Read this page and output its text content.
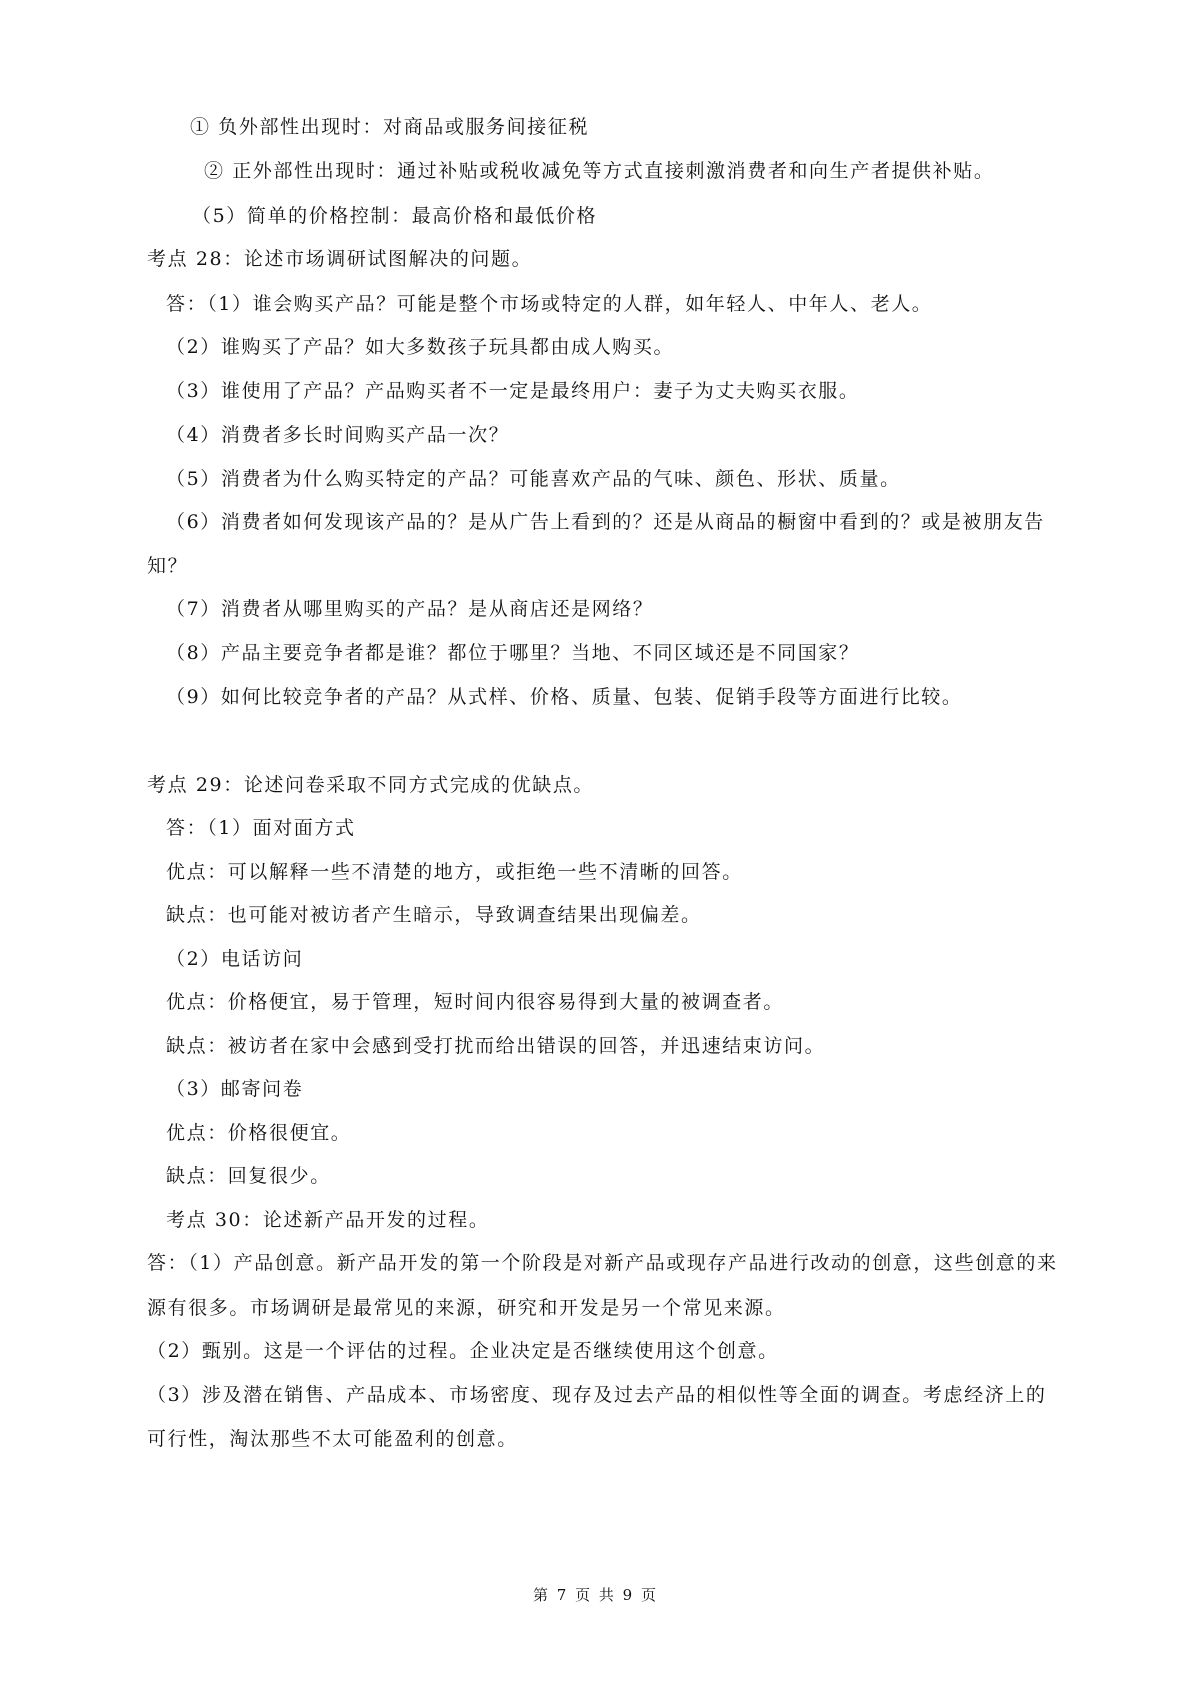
① 负外部性出现时：对商品或服务间接征税
② 正外部性出现时：通过补贴或税收减免等方式直接刺激消费者和向生产者提供补贴。
（5）简单的价格控制：最高价格和最低价格
考点 28：论述市场调研试图解决的问题。
答：（1）谁会购买产品？可能是整个市场或特定的人群，如年轻人、中年人、老人。
（2）谁购买了产品？如大多数孩子玩具都由成人购买。
（3）谁使用了产品？产品购买者不一定是最终用户：妻子为丈夫购买衣服。
（4）消费者多长时间购买产品一次？
（5）消费者为什么购买特定的产品？可能喜欢产品的气味、颜色、形状、质量。
（6）消费者如何发现该产品的？是从广告上看到的？还是从商品的橱窗中看到的？或是被朋友告
知？
（7）消费者从哪里购买的产品？是从商店还是网络？
（8）产品主要竞争者都是谁？都位于哪里？当地、不同区域还是不同国家？
（9）如何比较竞争者的产品？从式样、价格、质量、包装、促销手段等方面进行比较。
考点 29：论述问卷采取不同方式完成的优缺点。
答：（1）面对面方式
优点：可以解释一些不清楚的地方，或拒绝一些不清晰的回答。
缺点：也可能对被访者产生暗示，导致调查结果出现偏差。
（2）电话访问
优点：价格便宜，易于管理，短时间内很容易得到大量的被调查者。
缺点：被访者在家中会感到受打扰而给出错误的回答，并迅速结束访问。
（3）邮寄问卷
优点：价格很便宜。
缺点：回复很少。
考点 30：论述新产品开发的过程。
答：（1）产品创意。新产品开发的第一个阶段是对新产品或现存产品进行改动的创意，这些创意的来
源有很多。市场调研是最常见的来源，研究和开发是另一个常见来源。
（2）甄别。这是一个评估的过程。企业决定是否继续使用这个创意。
（3）涉及潜在销售、产品成本、市场密度、现存及过去产品的相似性等全面的调查。考虑经济上的
可行性，淘汰那些不太可能盈利的创意。
第 7 页 共 9 页
